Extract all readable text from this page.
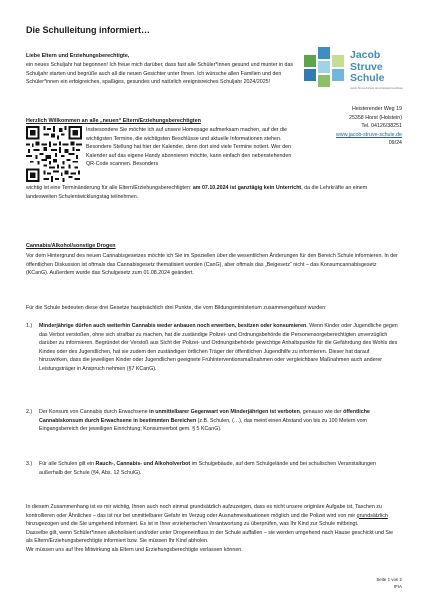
Die Schulleitung informiert…
Liebe Eltern und Erziehungsberechtigte,
ein neues Schuljahr hat begonnen! Ich freue mich darüber, dass fast alle Schüler*innen gesund und munter in das Schuljahr starten und begrüße auch all die neuen Gesichter unter Ihnen. Ich wünsche allen Familien und den Schüler*innen ein erfolgreiches, spaßiges, gesundes und natürlich ereignisreiches Schuljahr 2024/2025!
Jacob
Struve
Schule
Jacob-Struve-Schule Horst/Holstein/Landkreis
Heisterender Weg 19
25358 Horst (Holstein)
Tel. 04126/38251
www.jacob-struve-schule.de
09/24
Herzlich Willkommen an alle „neuen“ Eltern/Erziehungsberechtigten
Insbesondere Sie möchte ich auf unsere Homepage aufmerksam machen, auf der die wichtigsten Termine, die wichtigsten Beschlüsse und aktuelle Informationen stehen. Besondere Stellung hat hier der Kalender, denn dort sind viele Termine notiert. Wer den Kalender auf das eigene Handy abonnieren möchte, kann einfach den nebenstehenden QR-Code scannen. Besonders
wichtig ist eine Terminänderung für alle Eltern/Erziehungsberechtigten: am 07.10.2024 ist ganztägig kein Unterricht, da die Lehrkräfte an einem landesweiten Schulentwicklungstag teilnehmen.
Cannabis/Alkohol/sonstige Drogen
Vor dem Hintergrund des neuen Cannabisgesetzes möchte ich Sie im Speziellen über die wesentlichen Änderungen für den Bereich Schule informieren. In der öffentlichen Diskussion ist oftmals das Cannabisgesetz thematisiert worden (CanG), aber oftmals das „Beigesetz“ nicht – das Konsumcannabisgesetz (KCanG). Außerdem wurde das Schulgesetz zum 01.08.2024 geändert.
Für die Schule bedeuten diese drei Gesetze hauptsächlich drei Punkte, die vom Bildungsministerium zusammengefasst wurden:
1.) Minderjährige dürfen auch weiterhin Cannabis weder anbauen noch erwerben, besitzen oder konsumieren. Wenn Kinder oder Jugendliche gegen das Verbot verstoßen, ohne sich strafbar zu machen, hat die zuständige Polizei- und Ordnungsbehörde die Personensorgeberechtigten unverzüglich darüber zu informieren. Begründet der Verstoß aus Sicht der Polizei- und Ordnungsbehörde gewichtige Anhaltspunkte für die Gefährdung des Wohls des Kindes oder des Jugendlichen, hat sie zudem den zuständigen örtlichen Träger der öffentlichen Jugendhilfe zu informieren. Dieser hat darauf hinzuwirken, dass die jeweiligen Kinder oder Jugendlichen geeignete Frühinterventionsmaßnahmen oder vergleichbare Maßnahmen auch anderer Leistungsträger in Anspruch nehmen (§7 KCanG).
2.) Der Konsum von Cannabis durch Erwachsene in unmittelbarer Gegenwart von Minderjährigen ist verboten, genauso wie der öffentliche Cannabiskonsum durch Erwachsene in bestimmten Bereichen (z.B. Schulen, (…), das meint einen Abstand von bis zu 100 Metern vom Eingangsbereich der jeweiligen Einrichtung; Konsumverbot gem. § 5 KCanG).
3.) Für alle Schulen gilt ein Rauch-, Cannabis- und Alkoholverbot im Schulgebäude, auf dem Schulgelände und bei schulischen Veranstaltungen außerhalb der Schule (§4, Abs. 12 SchulG).
In diesem Zusammenhang ist es mir wichtig, Ihnen auch noch einmal grundsätzlich aufzuzeigen, dass es nicht unsere originäre Aufgabe ist, Taschen zu kontrollieren oder Ähnliches – das ist nur bei unmittelbarer Gefahr im Verzug oder Ausnahmesituationen möglich und die Polizei wird von mir grundsätzlich hinzugezogen und die Sie umgehend informiert. Es ist in Ihrer erzieherischen Verantwortung zu überprüfen, was Ihr Kind zur Schule mitbringt.
Dasselbe gilt, wenn Schüler*innen alkoholisiert und/oder unter Drogeneinfluss in der Schule auffallen – sie werden umgehend nach Hause geschickt und Sie als Eltern/Erziehungsberechtigte informiert bzw. Sie müssen Ihr Kind abholen.
Wir müssen uns auf Ihre Mitwirkung als Eltern und Erziehungsberechtigte verlassen können.
Seite 1 von 2
IFIA
